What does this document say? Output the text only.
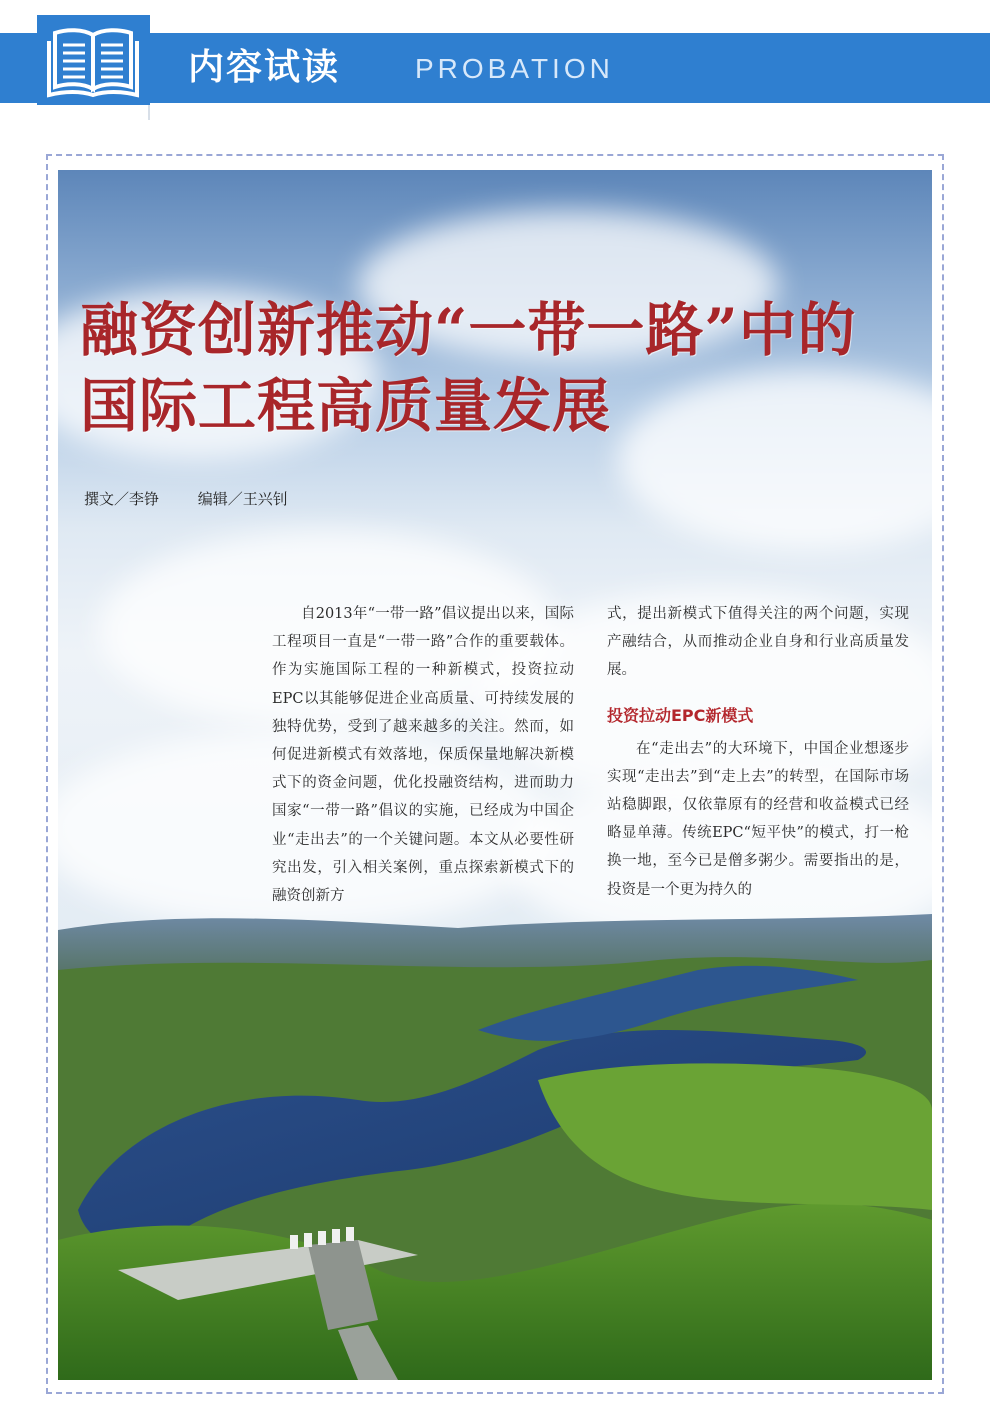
内容试读	PROBATION
融资创新推动“一带一路”中的
国际工程高质量发展
撰文／李铮	编辑／王兴钊

自2013年“一带一路”倡议提出以来，国际工程项目一直是“一带一路”合作的重要载体。作为实施国际工程的一种新模式，投资拉动EPC以其能够促进企业高质量、可持续发展的独特优势，受到了越来越多的关注。然而，如何促进新模式有效落地，保质保量地解决新模式下的资金问题，优化投融资结构，进而助力国家“一带一路”倡议的实施，已经成为中国企业“走出去”的一个关键问题。本文从必要性研究出发，引入相关案例，重点探索新模式下的融资创新方

式，提出新模式下值得关注的两个问题，实现产融结合，从而推动企业自身和行业高质量发展。

投资拉动EPC新模式

在“走出去”的大环境下，中国企业想逐步实现“走出去”到“走上去”的转型，在国际市场站稳脚跟，仅依靠原有的经营和收益模式已经略显单薄。传统EPC“短平快”的模式，打一枪换一地，至今已是僧多粥少。需要指出的是，投资是一个更为持久的
